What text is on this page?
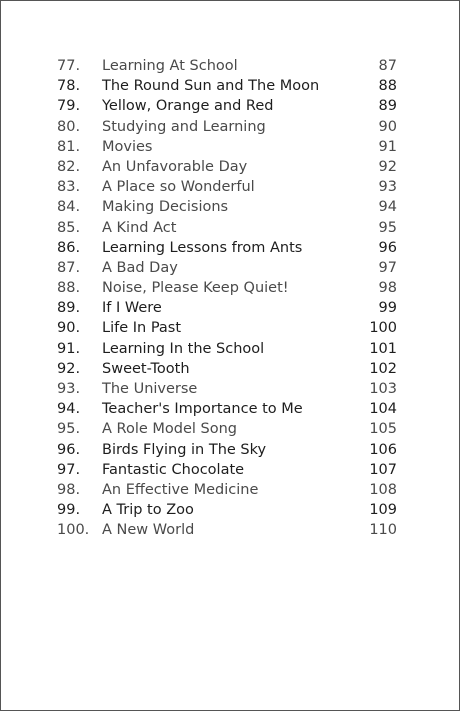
77. Learning At School	87
78. The Round Sun and The Moon	88
79. Yellow, Orange and Red	89
80. Studying and Learning	90
81. Movies	91
82. An Unfavorable Day	92
83. A Place so Wonderful	93
84. Making Decisions	94
85. A Kind Act	95
86. Learning Lessons from Ants	96
87. A Bad Day	97
88. Noise, Please Keep Quiet!	98
89. If I Were	99
90. Life In Past	100
91. Learning In the School	101
92. Sweet-Tooth	102
93. The Universe	103
94. Teacher's Importance to Me	104
95. A Role Model Song	105
96. Birds Flying in The Sky	106
97. Fantastic Chocolate	107
98. An Effective Medicine	108
99. A Trip to Zoo	109
100. A New World	110
